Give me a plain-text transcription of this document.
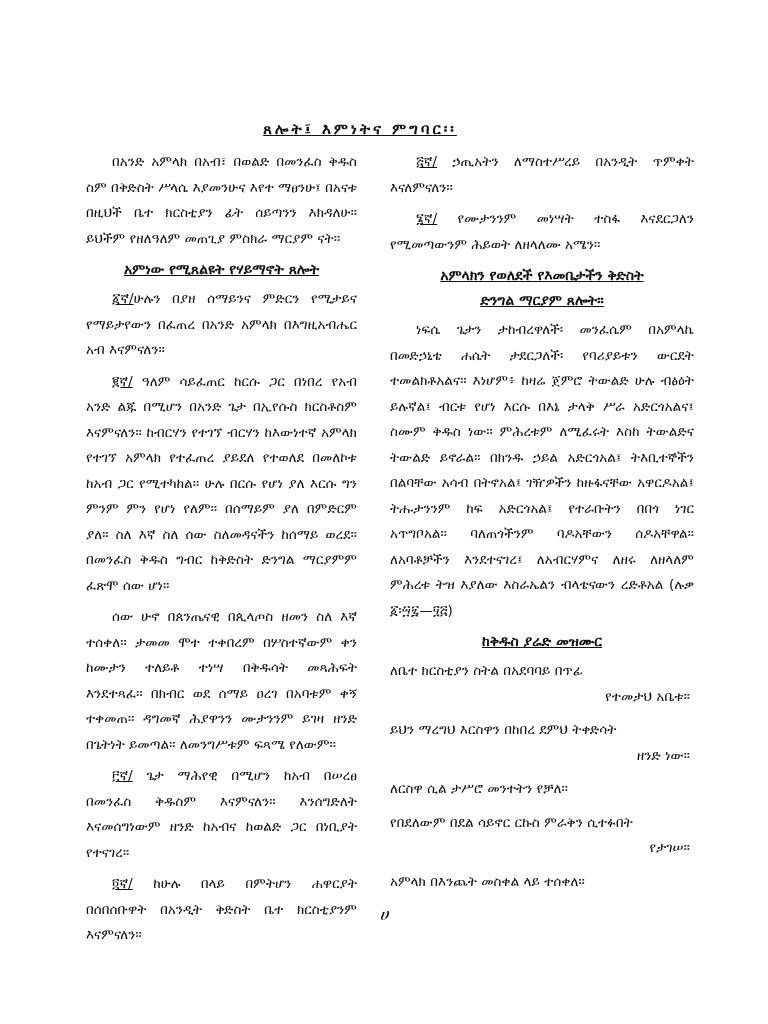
ጸሎት፤ እምነትና ምግባር፡፡

በአንድ አምላክ በአብ፣ በወልድ በመንፈስ ቅዱስ ስም በቅድስት ሥላሴ እያመንሁና እየተ ማፀንሁ፤ በአናቱ በዚህች ቤተ ክርስቲያን ፊት ሰይጣንን እክዳለሁ፡፡ ይህችም የዘለዓለም መጠጊያ ምስክራ ማርያም ናት፡፡

አምነው የሚጸልዩት የሃይማኖት ጸሎት

፩ኛ/ሁሉን በያዘ ሰማይንና ምድርን የሚታይና የማይታየውን በፈጠረ በአንድ አምላክ በእግዚአብሔር አብ እናምናለን፡፡

፪ኛ/ ዓለም ሳይፈጠር ከርሱ ጋር በነበረ የአብ አንድ ልጁ በሚሆን በአንድ ጌታ በኢየሱስ ክርስቶስም እናምናለን፡፡ ከብርሃን የተገኘ ብርሃን ከእውነተኛ አምላክ የተገኘ አምላክ የተፈጠረ ያይደለ የተወለደ በመለኮቱ ከአብ ጋር የሚተካከል፡፡ ሁሉ በርሱ የሆነ ያለ እርሱ ግን ምንም ምን የሆነ የለም፡፡ በሰማይም ያለ በምድርም ያለ፡፡ ስለ እኛ ስለ ሰው ስለመዳናችን ከሰማይ ወረደ፡፡ በመንፈስ ቅዱስ ግብር ከቅድስት ድንግል ማርያምም ፈጽሞ ሰው ሆነ፡፡

ሰው ሁኖ በጰንጤናዊ በጲላጦስ ዘመን ስለ እኛ ተሰቀለ፡፡ ታመመ ሞተ ተቀበረም በሦስተኛውም ቀን ከሙታን ተለይቶ ተነሣ በቅዱሳት መጻሕፍት እንደተጻፈ፡፡ በክብር ወደ ሰማይ ዐረገ በአባቱም ቀኝ ተቀመጠ፡፡ ዳግመኛ ሕያዋንን ሙታንንም ይገዛ ዘንድ በጌትነት ይመጣል፡፡ ለመንግሥቱም ፍጻሜ የለውም፡፡

፫ኛ/ ጌታ ማሕየዊ በሚሆን ከአብ በሠረፀ በመንፈስ ቅዱስም እናምናለን፡፡ እንሰግድለት እናመሰግነውም ዘንድ ከአብና ከወልድ ጋር በነቢያት የተናገረ፡፡

፬ኛ/ ከሁሉ በላይ በምትሆን ሐዋርያት በሰበሰቡዋት በአንዲት ቅድስት ቤተ ክርስቲያንም እናምናለን፡፡

፭ኛ/ ኃጢአትን ለማስተሥረይ በአንዲት ጥምቀት እናለምናለን፡፡

፮ኛ/ የሙታንንም መነሣት ተስፋ እናደርጋለን የሚመጣውንም ሕይወት ለዘላለሙ አሜን፡፡

አምላክን የወለደች የእመቤታችን ቅድስት
ድንግል ማርያም ጸሎት፡፡

ነፍሴ ጌታን ታከብረዋለች፡ መንፈሴም በአምላኬ በመድኃኒቴ ሐሴት ታደርጋለች፡ የባሪያይቱን ውርደት ተመልክቶአልና፡፡ እነሆም፥ ከዛሬ ጀምሮ ትውልድ ሁሉ ብፅዕት ይሉኛል፤ ብርቱ የሆነ እርሱ በእኔ ታላቅ ሥራ አድርጎአልና፤ ስሙም ቅዱስ ነው፡፡ ምሕረቱም ለሚፈሩት እስከ ትውልድና ትውልድ ይኖራል፡፡ በክንዱ ኃይል አድርጎአል፤ ትእቢተኞችን በልባቸው አሳብ በትኖአል፤ ገዥዎችን ከዙፋናቸው አዋርዶአል፤ ትሑታንንም ከፍ አድርጎአል፤ የተራቡትን በበጎ ነገር አጥግቦአል፡፡ ባለጠጎችንም ባዶአቸውን ሰዶአቸዋል፡፡ ለአባቶቻችን እንደተናገረ፤ ለአብርሃምና ለዘሩ ለዘላለም ምሕረቱ ትዝ እያለው እስራኤልን ብላቴናውን ረድቶአል (ሉቃ ፩፡፵፯—፶፭)

ከቅዱስ ያሬድ መዝሙር
ለቤተ ክርስቲያን ስትል በአደባባይ በጥፊ
የተመታህ አቤቱ፡፡
ይህን ማረግህ እርስዋን በከበረ ደምህ ትቀድሳት
ዘንድ ነው፡፡
ለርስዋ ሲል ታሥሮ መንተትን የቻለ፡፡
የበደለውም በደል ሳይኖር ርኩስ ምራቅን ሲተፉበት
የታገሠ፡፡
አምላክ በእንጨት መስቀል ላይ ተሰቀለ፡፡
ሀ
